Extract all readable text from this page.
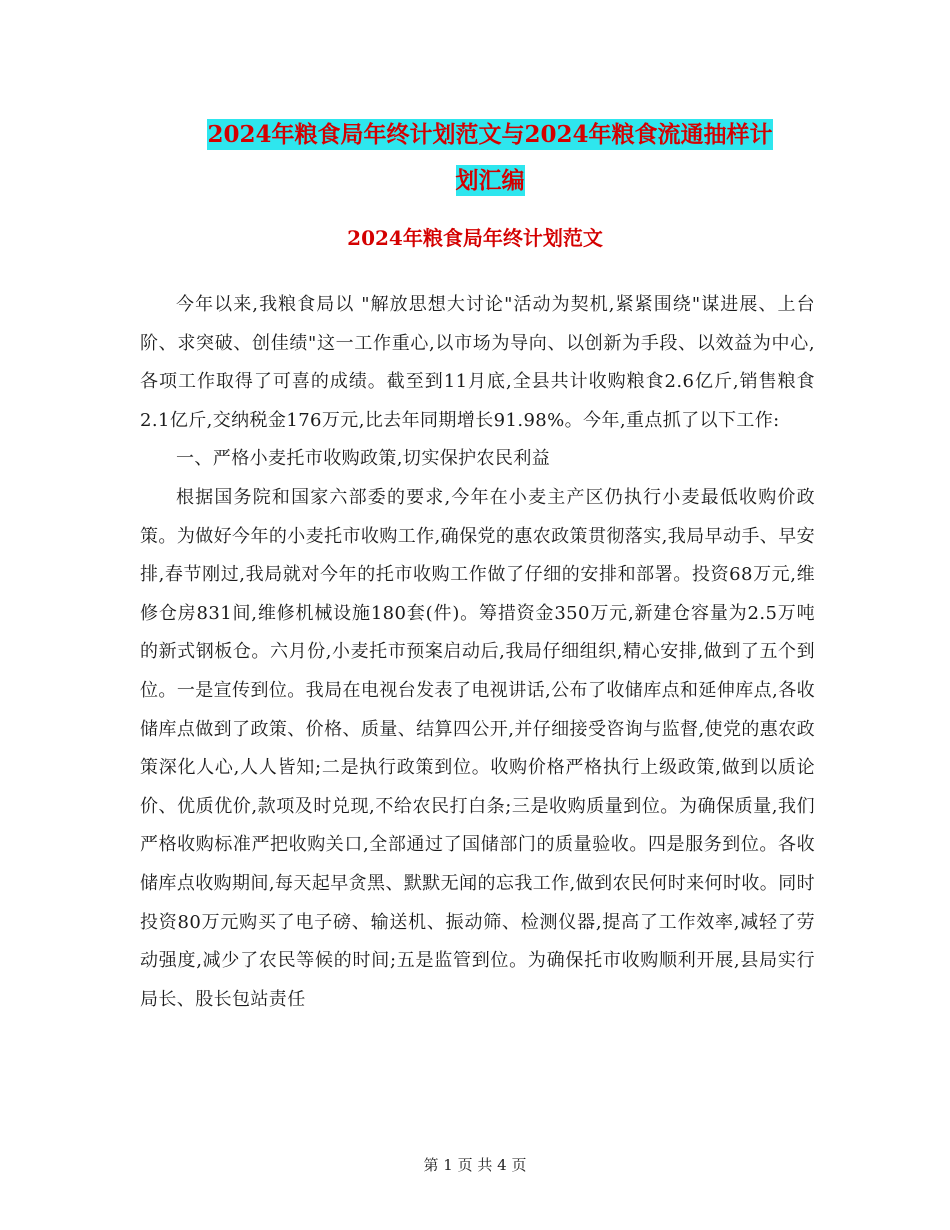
2024年粮食局年终计划范文与2024年粮食流通抽样计
划汇编
2024年粮食局年终计划范文

今年以来,我粮食局以 "解放思想大讨论"活动为契机,紧紧围绕"谋进展、上台阶、求突破、创佳绩"这一工作重心,以市场为导向、以创新为手段、以效益为中心,各项工作取得了可喜的成绩。截至到11月底,全县共计收购粮食2.6亿斤,销售粮食2.1亿斤,交纳税金176万元,比去年同期增长91.98%。今年,重点抓了以下工作:

一、严格小麦托市收购政策,切实保护农民利益

根据国务院和国家六部委的要求,今年在小麦主产区仍执行小麦最低收购价政策。为做好今年的小麦托市收购工作,确保党的惠农政策贯彻落实,我局早动手、早安排,春节刚过,我局就对今年的托市收购工作做了仔细的安排和部署。投资68万元,维修仓房831间,维修机械设施180套(件)。筹措资金350万元,新建仓容量为2.5万吨的新式钢板仓。六月份,小麦托市预案启动后,我局仔细组织,精心安排,做到了五个到位。一是宣传到位。我局在电视台发表了电视讲话,公布了收储库点和延伸库点,各收储库点做到了政策、价格、质量、结算四公开,并仔细接受咨询与监督,使党的惠农政策深化人心,人人皆知;二是执行政策到位。收购价格严格执行上级政策,做到以质论价、优质优价,款项及时兑现,不给农民打白条;三是收购质量到位。为确保质量,我们严格收购标准严把收购关口,全部通过了国储部门的质量验收。四是服务到位。各收储库点收购期间,每天起早贪黑、默默无闻的忘我工作,做到农民何时来何时收。同时投资80万元购买了电子磅、输送机、振动筛、检测仪器,提高了工作效率,减轻了劳动强度,减少了农民等候的时间;五是监管到位。为确保托市收购顺利开展,县局实行局长、股长包站责任

第 1 页 共 4 页
